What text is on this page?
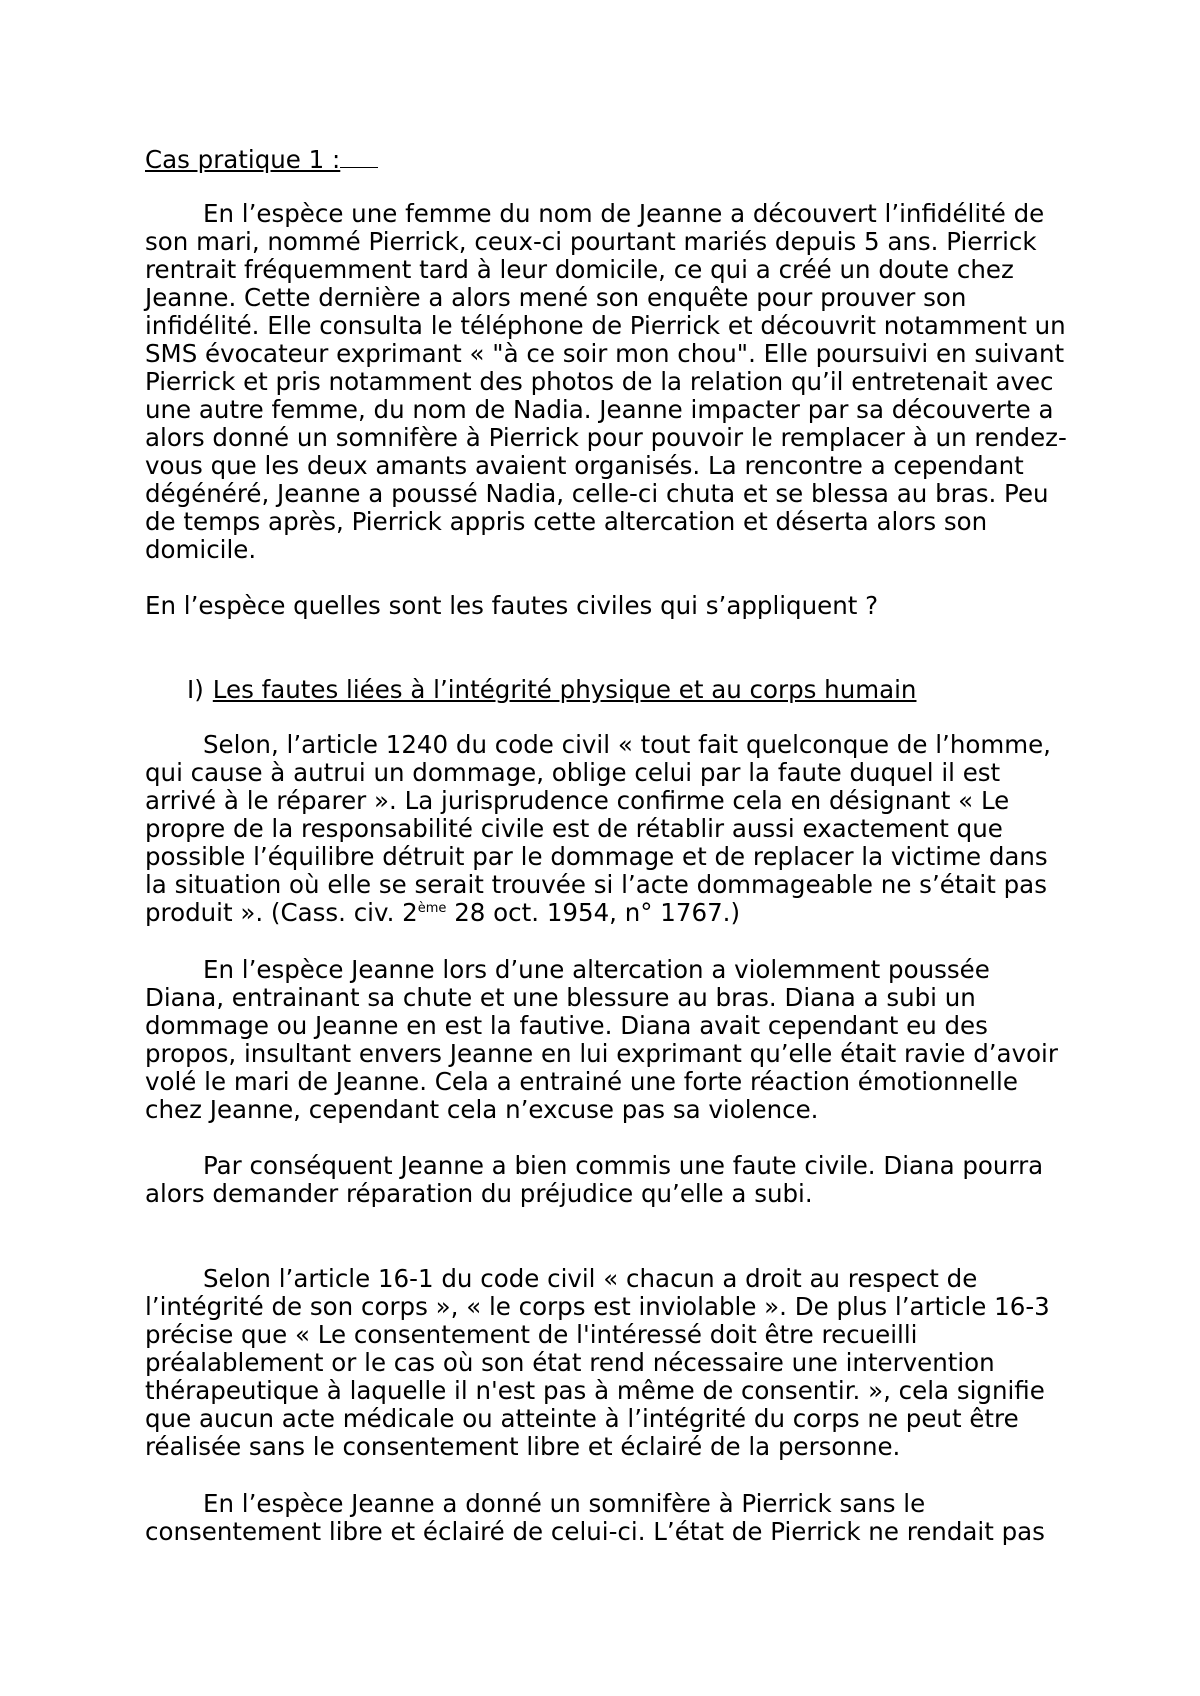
Cas pratique 1 :
En l’espèce une femme du nom de Jeanne a découvert l’infidélité de
son mari, nommé Pierrick, ceux-ci pourtant mariés depuis 5 ans. Pierrick
rentrait fréquemment tard à leur domicile, ce qui a créé un doute chez
Jeanne. Cette dernière a alors mené son enquête pour prouver son
infidélité. Elle consulta le téléphone de Pierrick et découvrit notamment un
SMS évocateur exprimant « "à ce soir mon chou". Elle poursuivi en suivant
Pierrick et pris notamment des photos de la relation qu’il entretenait avec
une autre femme, du nom de Nadia. Jeanne impacter par sa découverte a
alors donné un somnifère à Pierrick pour pouvoir le remplacer à un rendez-
vous que les deux amants avaient organisés. La rencontre a cependant
dégénéré, Jeanne a poussé Nadia, celle-ci chuta et se blessa au bras. Peu
de temps après, Pierrick appris cette altercation et déserta alors son
domicile.
En l’espèce quelles sont les fautes civiles qui s’appliquent ?
I) Les fautes liées à l’intégrité physique et au corps humain
Selon, l’article 1240 du code civil « tout fait quelconque de l’homme,
qui cause à autrui un dommage, oblige celui par la faute duquel il est
arrivé à le réparer ». La jurisprudence confirme cela en désignant « Le
propre de la responsabilité civile est de rétablir aussi exactement que
possible l’équilibre détruit par le dommage et de replacer la victime dans
la situation où elle se serait trouvée si l’acte dommageable ne s’était pas
produit ». (Cass. civ. 2ème 28 oct. 1954, n° 1767.)
En l’espèce Jeanne lors d’une altercation a violemment poussée
Diana, entrainant sa chute et une blessure au bras. Diana a subi un
dommage ou Jeanne en est la fautive. Diana avait cependant eu des
propos, insultant envers Jeanne en lui exprimant qu’elle était ravie d’avoir
volé le mari de Jeanne. Cela a entrainé une forte réaction émotionnelle
chez Jeanne, cependant cela n’excuse pas sa violence.
Par conséquent Jeanne a bien commis une faute civile. Diana pourra
alors demander réparation du préjudice qu’elle a subi.
Selon l’article 16-1 du code civil « chacun a droit au respect de
l’intégrité de son corps », « le corps est inviolable ». De plus l’article 16-3
précise que « Le consentement de l'intéressé doit être recueilli
préalablement or le cas où son état rend nécessaire une intervention
thérapeutique à laquelle il n'est pas à même de consentir. », cela signifie
que aucun acte médicale ou atteinte à l’intégrité du corps ne peut être
réalisée sans le consentement libre et éclairé de la personne.
En l’espèce Jeanne a donné un somnifère à Pierrick sans le
consentement libre et éclairé de celui-ci. L’état de Pierrick ne rendait pas
